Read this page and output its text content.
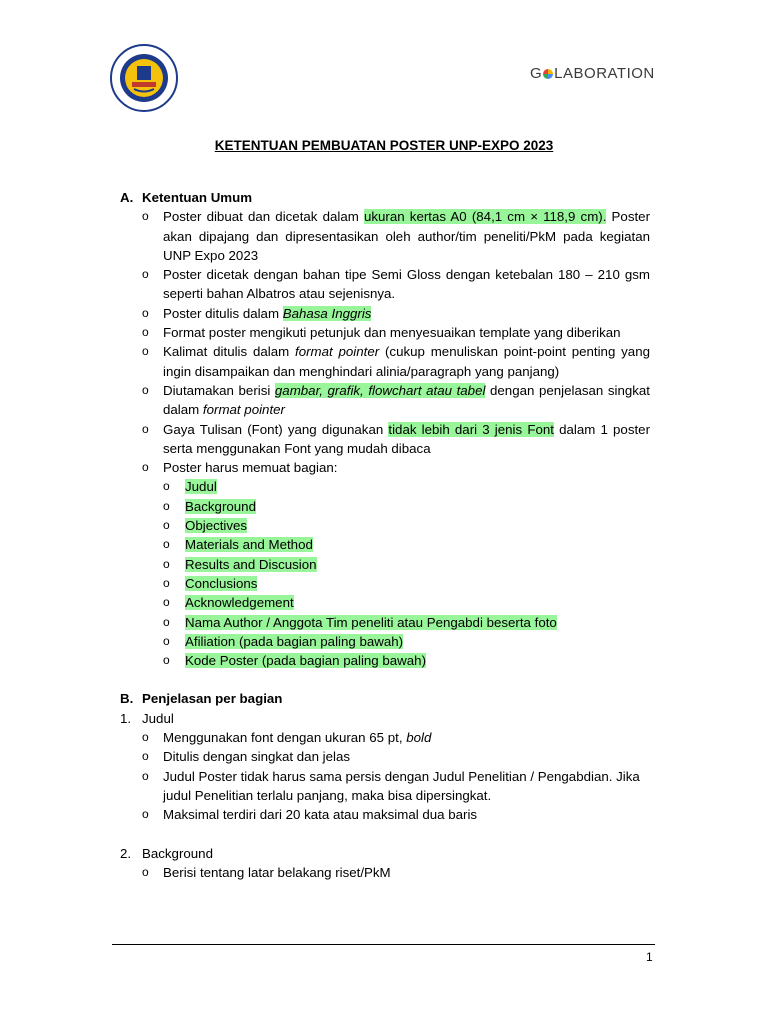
G LABORATION
KETENTUAN PEMBUATAN POSTER UNP-EXPO 2023
A. Ketentuan Umum
o Poster dibuat dan dicetak dalam ukuran kertas A0 (84,1 cm × 118,9 cm). Poster akan dipajang dan dipresentasikan oleh author/tim peneliti/PkM pada kegiatan UNP Expo 2023
o Poster dicetak dengan bahan tipe Semi Gloss dengan ketebalan 180 – 210 gsm seperti bahan Albatros atau sejenisnya.
o Poster ditulis dalam Bahasa Inggris
o Format poster mengikuti petunjuk dan menyesuaikan template yang diberikan
o Kalimat ditulis dalam format pointer (cukup menuliskan point-point penting yang ingin disampaikan dan menghindari alinia/paragraph yang panjang)
o Diutamakan berisi gambar, grafik, flowchart atau tabel dengan penjelasan singkat dalam format pointer
o Gaya Tulisan (Font) yang digunakan tidak lebih dari 3 jenis Font dalam 1 poster serta menggunakan Font yang mudah dibaca
o Poster harus memuat bagian:
o Judul
o Background
o Objectives
o Materials and Method
o Results and Discusion
o Conclusions
o Acknowledgement
o Nama Author / Anggota Tim peneliti atau Pengabdi beserta foto
o Afiliation (pada bagian paling bawah)
o Kode Poster (pada bagian paling bawah)
B. Penjelasan per bagian
1. Judul
o Menggunakan font dengan ukuran 65 pt, bold
o Ditulis dengan singkat dan jelas
o Judul Poster tidak harus sama persis dengan Judul Penelitian / Pengabdian. Jika judul Penelitian terlalu panjang, maka bisa dipersingkat.
o Maksimal terdiri dari 20 kata atau maksimal dua baris
2. Background
o Berisi tentang latar belakang riset/PkM
1
